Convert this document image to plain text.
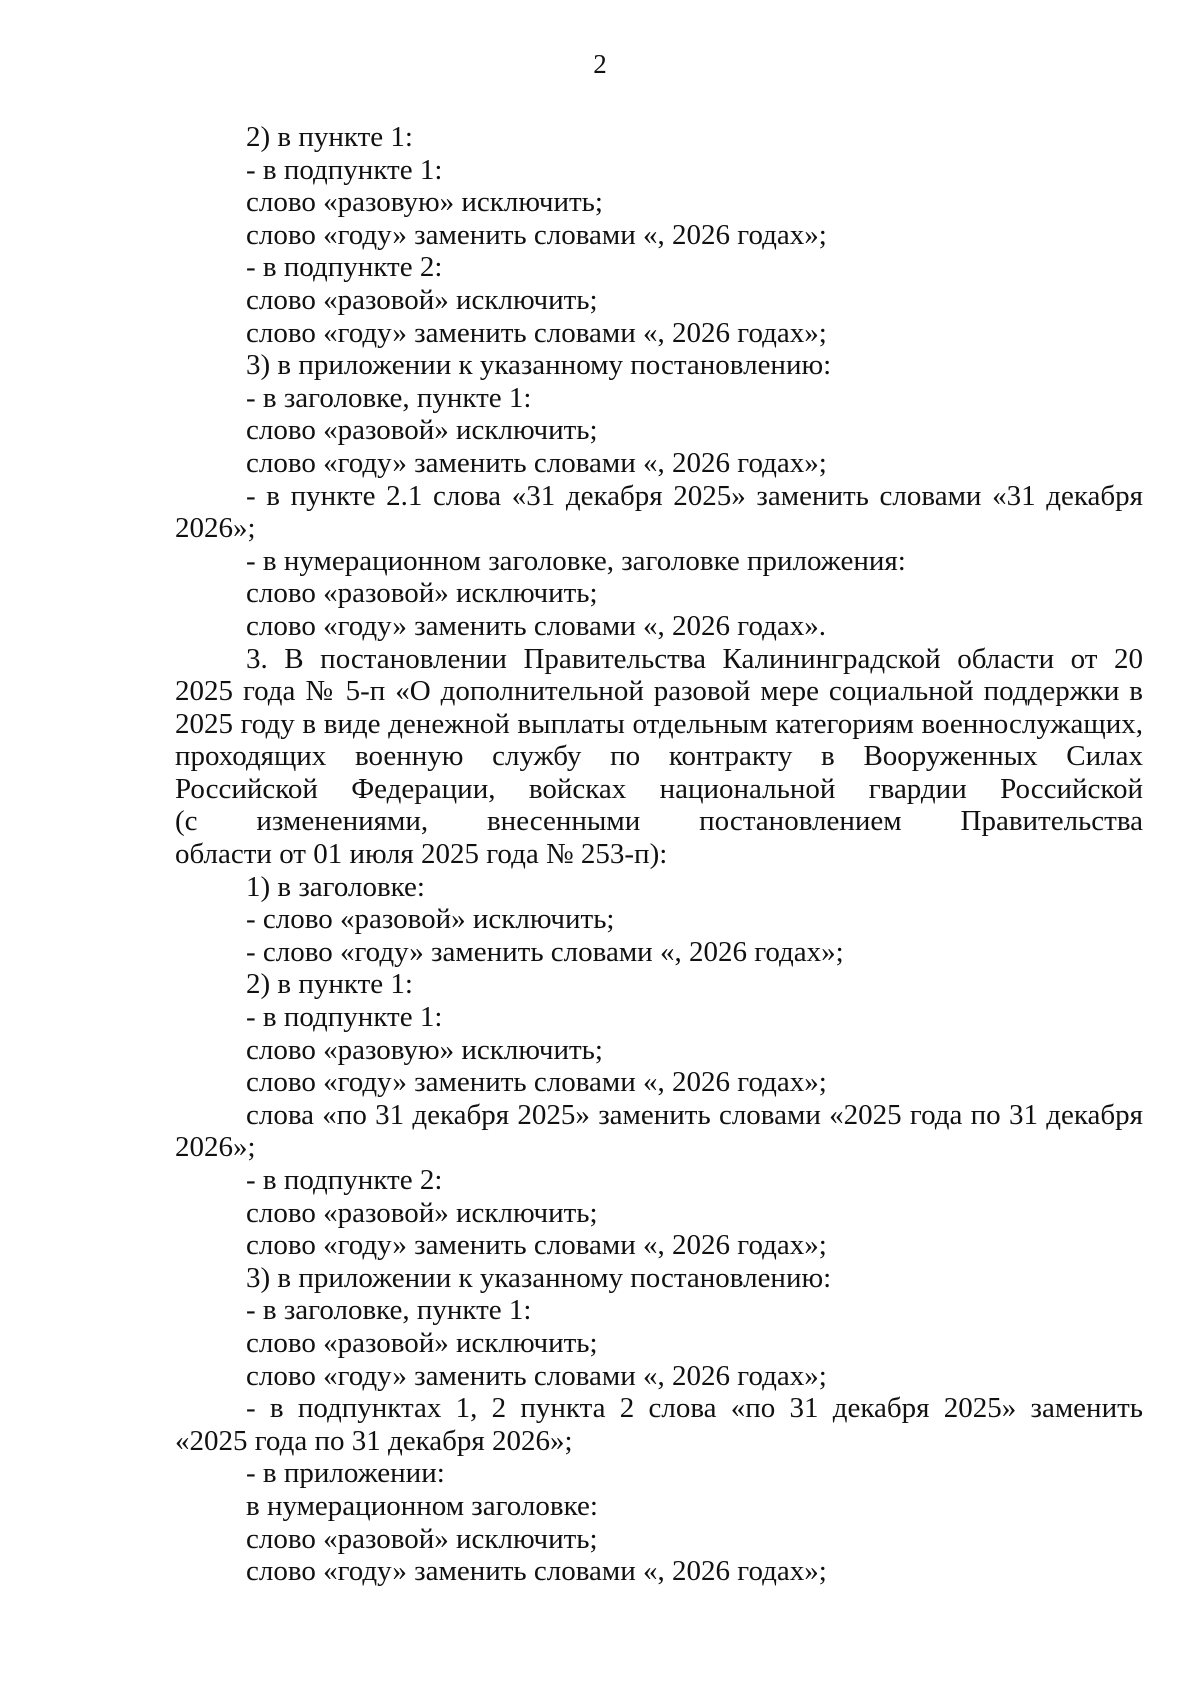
2
2) в пункте 1:
- в подпункте 1:
слово «разовую» исключить;
слово «году» заменить словами «, 2026 годах»;
- в подпункте 2:
слово «разовой» исключить;
слово «году» заменить словами «, 2026 годах»;
3) в приложении к указанному постановлению:
- в заголовке, пункте 1:
слово «разовой» исключить;
слово «году» заменить словами «, 2026 годах»;
- в пункте 2.1 слова «31 декабря 2025» заменить словами «31 декабря
2026»;
- в нумерационном заголовке, заголовке приложения:
слово «разовой» исключить;
слово «году» заменить словами «, 2026 годах».
3. В постановлении Правительства Калининградской области от 20
2025 года № 5-п «О дополнительной разовой мере социальной поддержки в
2025 году в виде денежной выплаты отдельным категориям военнослужащих,
проходящих военную службу по контракту в Вооруженных Силах
Российской Федерации, войсках национальной гвардии Российской
(с изменениями, внесенными постановлением Правительства
области от 01 июля 2025 года № 253-п):
1) в заголовке:
- слово «разовой» исключить;
- слово «году» заменить словами «, 2026 годах»;
2) в пункте 1:
- в подпункте 1:
слово «разовую» исключить;
слово «году» заменить словами «, 2026 годах»;
слова «по 31 декабря 2025» заменить словами «2025 года по 31 декабря
2026»;
- в подпункте 2:
слово «разовой» исключить;
слово «году» заменить словами «, 2026 годах»;
3) в приложении к указанному постановлению:
- в заголовке, пункте 1:
слово «разовой» исключить;
слово «году» заменить словами «, 2026 годах»;
- в подпунктах 1, 2 пункта 2 слова «по 31 декабря 2025» заменить
«2025 года по 31 декабря 2026»;
- в приложении:
в нумерационном заголовке:
слово «разовой» исключить;
слово «году» заменить словами «, 2026 годах»;
